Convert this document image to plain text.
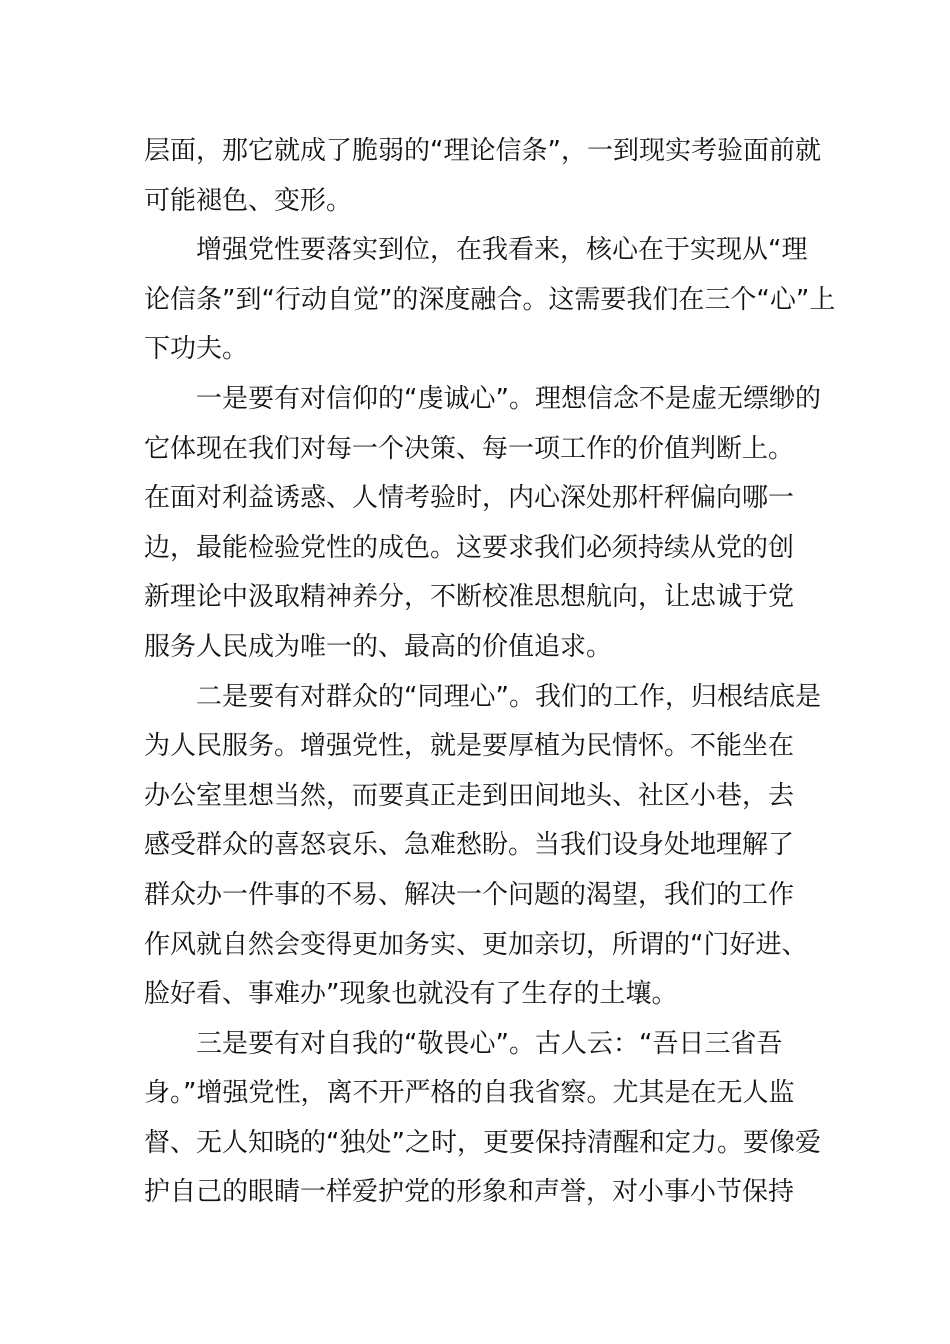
层面，那它就成了脆弱的“理论信条”，一到现实考验面前就
可能褪色、变形。
增强党性要落实到位，在我看来，核心在于实现从“理
论信条”到“行动自觉”的深度融合。这需要我们在三个“心”上
下功夫。
一是要有对信仰的“虔诚心”。理想信念不是虚无缥缈的
它体现在我们对每一个决策、每一项工作的价值判断上。
在面对利益诱惑、人情考验时，内心深处那杆秤偏向哪一
边，最能检验党性的成色。这要求我们必须持续从党的创
新理论中汲取精神养分，不断校准思想航向，让忠诚于党
服务人民成为唯一的、最高的价值追求。
二是要有对群众的“同理心”。我们的工作，归根结底是
为人民服务。增强党性，就是要厚植为民情怀。不能坐在
办公室里想当然，而要真正走到田间地头、社区小巷，去
感受群众的喜怒哀乐、急难愁盼。当我们设身处地理解了
群众办一件事的不易、解决一个问题的渴望，我们的工作
作风就自然会变得更加务实、更加亲切，所谓的“门好进、
脸好看、事难办”现象也就没有了生存的土壤。
三是要有对自我的“敬畏心”。古人云：“吾日三省吾
身。”增强党性，离不开严格的自我省察。尤其是在无人监
督、无人知晓的“独处”之时，更要保持清醒和定力。要像爱
护自己的眼睛一样爱护党的形象和声誉，对小事小节保持
